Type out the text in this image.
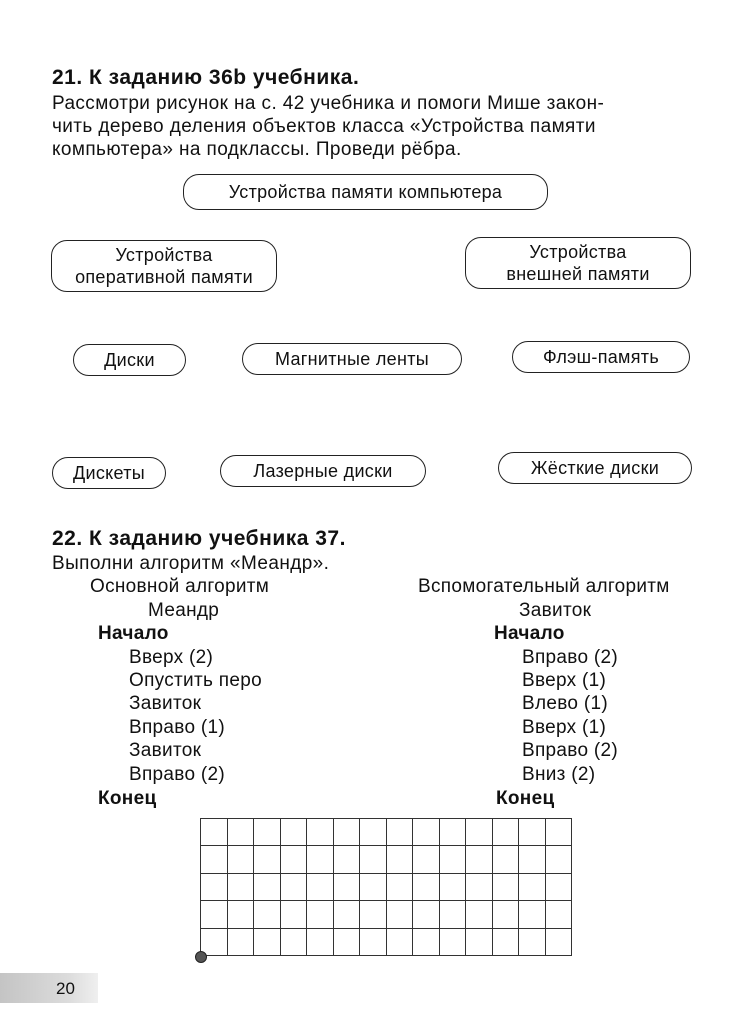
21. К заданию 36b учебника.
Рассмотри рисунок на с. 42 учебника и помоги Мише закон-
чить дерево деления объектов класса «Устройства памяти
компьютера» на подклассы. Проведи рёбра.
Устройства памяти компьютера
Устройства
оперативной памяти
Устройства
внешней памяти
Диски	Магнитные ленты	Флэш-память
Дискеты	Лазерные диски	Жёсткие диски
22. К заданию учебника 37.
Выполни алгоритм «Меандр».
Основной алгоритм
Меандр
Начало
Вверх (2)
Опустить перо
Завиток
Вправо (1)
Завиток
Вправо (2)
Конец
Вспомогательный алгоритм
Завиток
Начало
Вправо (2)
Вверх (1)
Влево (1)
Вверх (1)
Вправо (2)
Вниз (2)
Конец
20
